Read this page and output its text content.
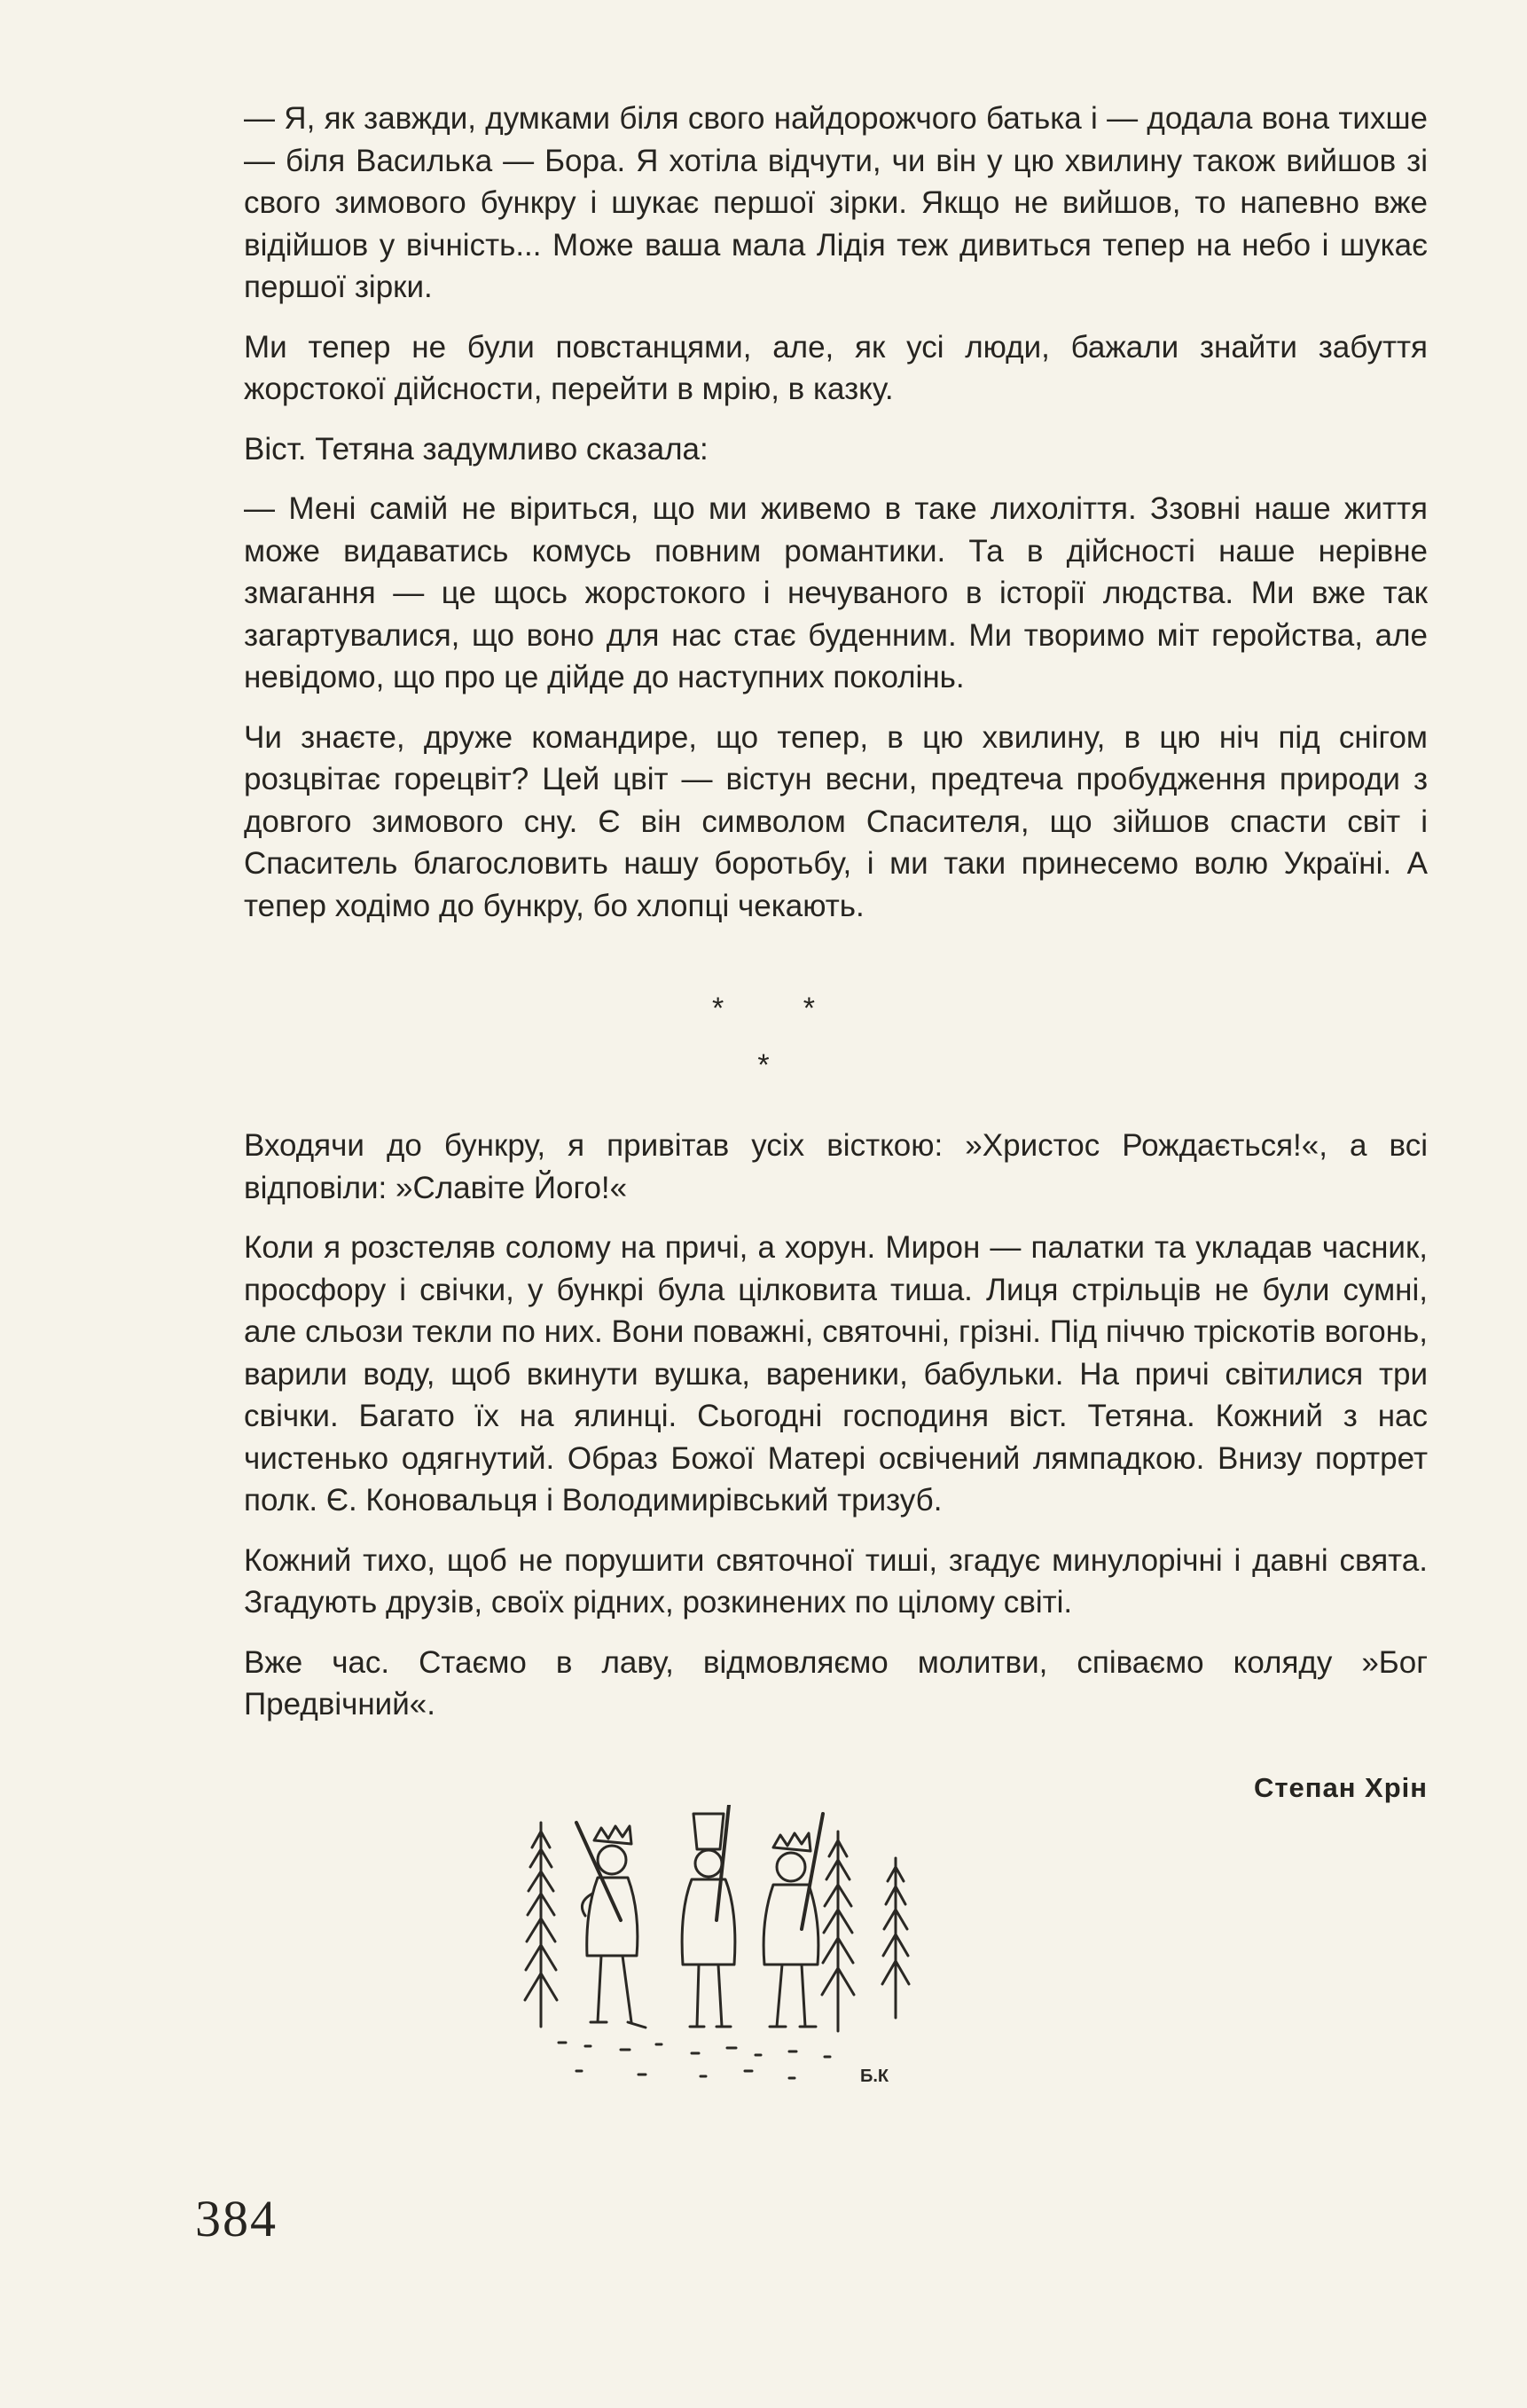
— Я, як завжди, думками біля свого найдорожчого батька і — додала вона тихше — біля Василька — Бора. Я хотіла відчути, чи він у цю хвилину також вийшов зі свого зимового бункру і шукає першої зірки. Якщо не вийшов, то напевно вже відійшов у вічність... Може ваша мала Лідія теж дивиться тепер на небо і шукає першої зірки.

Ми тепер не були повстанцями, але, як усі люди, бажали знайти забуття жорстокої дійсности, перейти в мрію, в казку.

Віст. Тетяна задумливо сказала:

— Мені самій не віриться, що ми живемо в таке лихоліття. Ззовні наше життя може видаватись комусь повним романтики. Та в дійсності наше нерівне змагання — це щось жорстокого і нечуваного в історії людства. Ми вже так загартувалися, що воно для нас стає буденним. Ми творимо міт геройства, але невідомо, що про це дійде до наступних поколінь.

Чи знаєте, друже командире, що тепер, в цю хвилину, в цю ніч під снігом розцвітає горецвіт? Цей цвіт — вістун весни, предтеча пробудження природи з довгого зимового сну. Є він символом Спасителя, що зійшов спасти світ і Спаситель благословить нашу боротьбу, і ми таки принесемо волю Україні. А тепер ходімо до бункру, бо хлопці чекають.

* *
*

Входячи до бункру, я привітав усіх вісткою: »Христос Рождається!«, а всі відповіли: »Славіте Його!«

Коли я розстеляв солому на причі, а хорун. Мирон — палатки та укладав часник, просфору і свічки, у бункрі була цілковита тиша. Лиця стрільців не були сумні, але сльози текли по них. Вони поважні, святочні, грізні. Під піччю тріскотів вогонь, варили воду, щоб вкинути вушка, вареники, бабульки. На причі світилися три свічки. Багато їх на ялинці. Сьогодні господиня віст. Тетяна. Кожний з нас чистенько одягнутий. Образ Божої Матері освічений лямпадкою. Внизу портрет полк. Є. Коновальця і Володимирівський тризуб.

Кожний тихо, щоб не порушити святочної тиші, згадує минулорічні і давні свята. Згадують друзів, своїх рідних, розкинених по цілому світі.

Вже час. Стаємо в лаву, відмовляємо молитви, співаємо коляду »Бог Предвічний«.

Степан Хрін
Б.К
384
